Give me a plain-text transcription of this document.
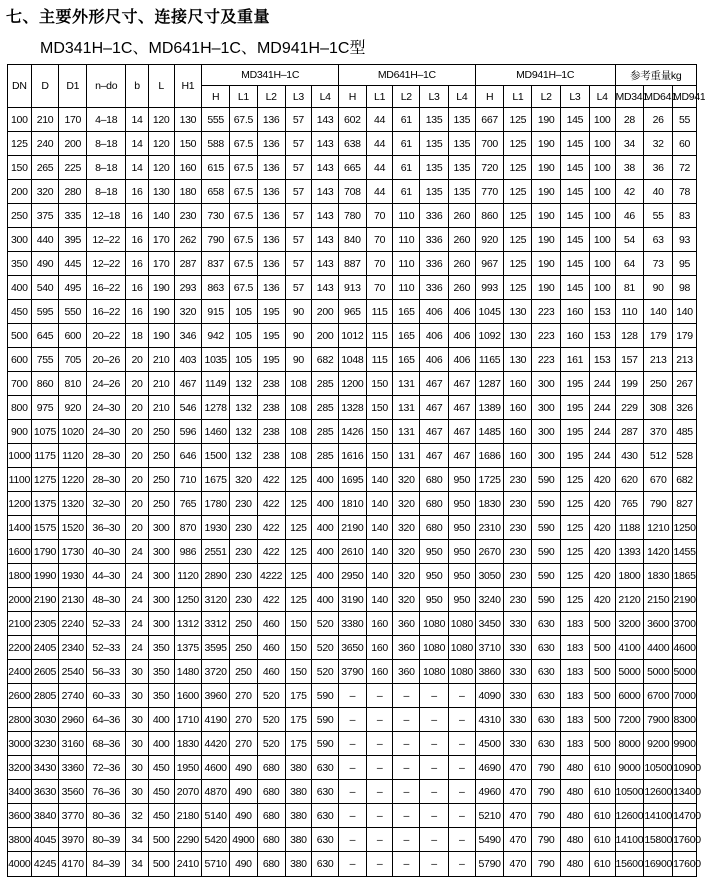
七、主要外形尺寸、连接尺寸及重量
MD341H–1C、MD641H–1C、MD941H–1C型
DN	D	D1	n–do	b	L	H1	MD341H–1C					MD641H–1C					MD941H–1C					参考重量kg		
							H	L1	L2	L3	L4	H	L1	L2	L3	L4	H	L1	L2	L3	L4	MD341	MD641	MD941
100	210	170	4–18	14	120	130	555	67.5	136	57	143	602	44	61	135	135	667	125	190	145	100	28	26	55
125	240	200	8–18	14	120	150	588	67.5	136	57	143	638	44	61	135	135	700	125	190	145	100	34	32	60
150	265	225	8–18	14	120	160	615	67.5	136	57	143	665	44	61	135	135	720	125	190	145	100	38	36	72
200	320	280	8–18	16	130	180	658	67.5	136	57	143	708	44	61	135	135	770	125	190	145	100	42	40	78
250	375	335	12–18	16	140	230	730	67.5	136	57	143	780	70	110	336	260	860	125	190	145	100	46	55	83
300	440	395	12–22	16	170	262	790	67.5	136	57	143	840	70	110	336	260	920	125	190	145	100	54	63	93
350	490	445	12–22	16	170	287	837	67.5	136	57	143	887	70	110	336	260	967	125	190	145	100	64	73	95
400	540	495	16–22	16	190	293	863	67.5	136	57	143	913	70	110	336	260	993	125	190	145	100	81	90	98
450	595	550	16–22	16	190	320	915	105	195	90	200	965	115	165	406	406	1045	130	223	160	153	110	140	140
500	645	600	20–22	18	190	346	942	105	195	90	200	1012	115	165	406	406	1092	130	223	160	153	128	179	179
600	755	705	20–26	20	210	403	1035	105	195	90	682	1048	115	165	406	406	1165	130	223	161	153	157	213	213
700	860	810	24–26	20	210	467	1149	132	238	108	285	1200	150	131	467	467	1287	160	300	195	244	199	250	267
800	975	920	24–30	20	210	546	1278	132	238	108	285	1328	150	131	467	467	1389	160	300	195	244	229	308	326
900	1075	1020	24–30	20	250	596	1460	132	238	108	285	1426	150	131	467	467	1485	160	300	195	244	287	370	485
1000	1175	1120	28–30	20	250	646	1500	132	238	108	285	1616	150	131	467	467	1686	160	300	195	244	430	512	528
1100	1275	1220	28–30	20	250	710	1675	320	422	125	400	1695	140	320	680	950	1725	230	590	125	420	620	670	682
1200	1375	1320	32–30	20	250	765	1780	230	422	125	400	1810	140	320	680	950	1830	230	590	125	420	765	790	827
1400	1575	1520	36–30	20	300	870	1930	230	422	125	400	2190	140	320	680	950	2310	230	590	125	420	1188	1210	1250
1600	1790	1730	40–30	24	300	986	2551	230	422	125	400	2610	140	320	950	950	2670	230	590	125	420	1393	1420	1455
1800	1990	1930	44–30	24	300	1120	2890	230	4222	125	400	2950	140	320	950	950	3050	230	590	125	420	1800	1830	1865
2000	2190	2130	48–30	24	300	1250	3120	230	422	125	400	3190	140	320	950	950	3240	230	590	125	420	2120	2150	2190
2100	2305	2240	52–33	24	300	1312	3312	250	460	150	520	3380	160	360	1080	1080	3450	330	630	183	500	3200	3600	3700
2200	2405	2340	52–33	24	350	1375	3595	250	460	150	520	3650	160	360	1080	1080	3710	330	630	183	500	4100	4400	4600
2400	2605	2540	56–33	30	350	1480	3720	250	460	150	520	3790	160	360	1080	1080	3860	330	630	183	500	5000	5000	5000
2600	2805	2740	60–33	30	350	1600	3960	270	520	175	590	–	–	–	–	–	4090	330	630	183	500	6000	6700	7000
2800	3030	2960	64–36	30	400	1710	4190	270	520	175	590	–	–	–	–	–	4310	330	630	183	500	7200	7900	8300
3000	3230	3160	68–36	30	400	1830	4420	270	520	175	590	–	–	–	–	–	4500	330	630	183	500	8000	9200	9900
3200	3430	3360	72–36	30	450	1950	4600	490	680	380	630	–	–	–	–	–	4690	470	790	480	610	9000	10500	10900
3400	3630	3560	76–36	30	450	2070	4870	490	680	380	630	–	–	–	–	–	4960	470	790	480	610	10500	12600	13400
3600	3840	3770	80–36	32	450	2180	5140	490	680	380	630	–	–	–	–	–	5210	470	790	480	610	12600	14100	14700
3800	4045	3970	80–39	34	500	2290	5420	4900	680	380	630	–	–	–	–	–	5490	470	790	480	610	14100	15800	17600
4000	4245	4170	84–39	34	500	2410	5710	490	680	380	630	–	–	–	–	–	5790	470	790	480	610	15600	16900	17600
